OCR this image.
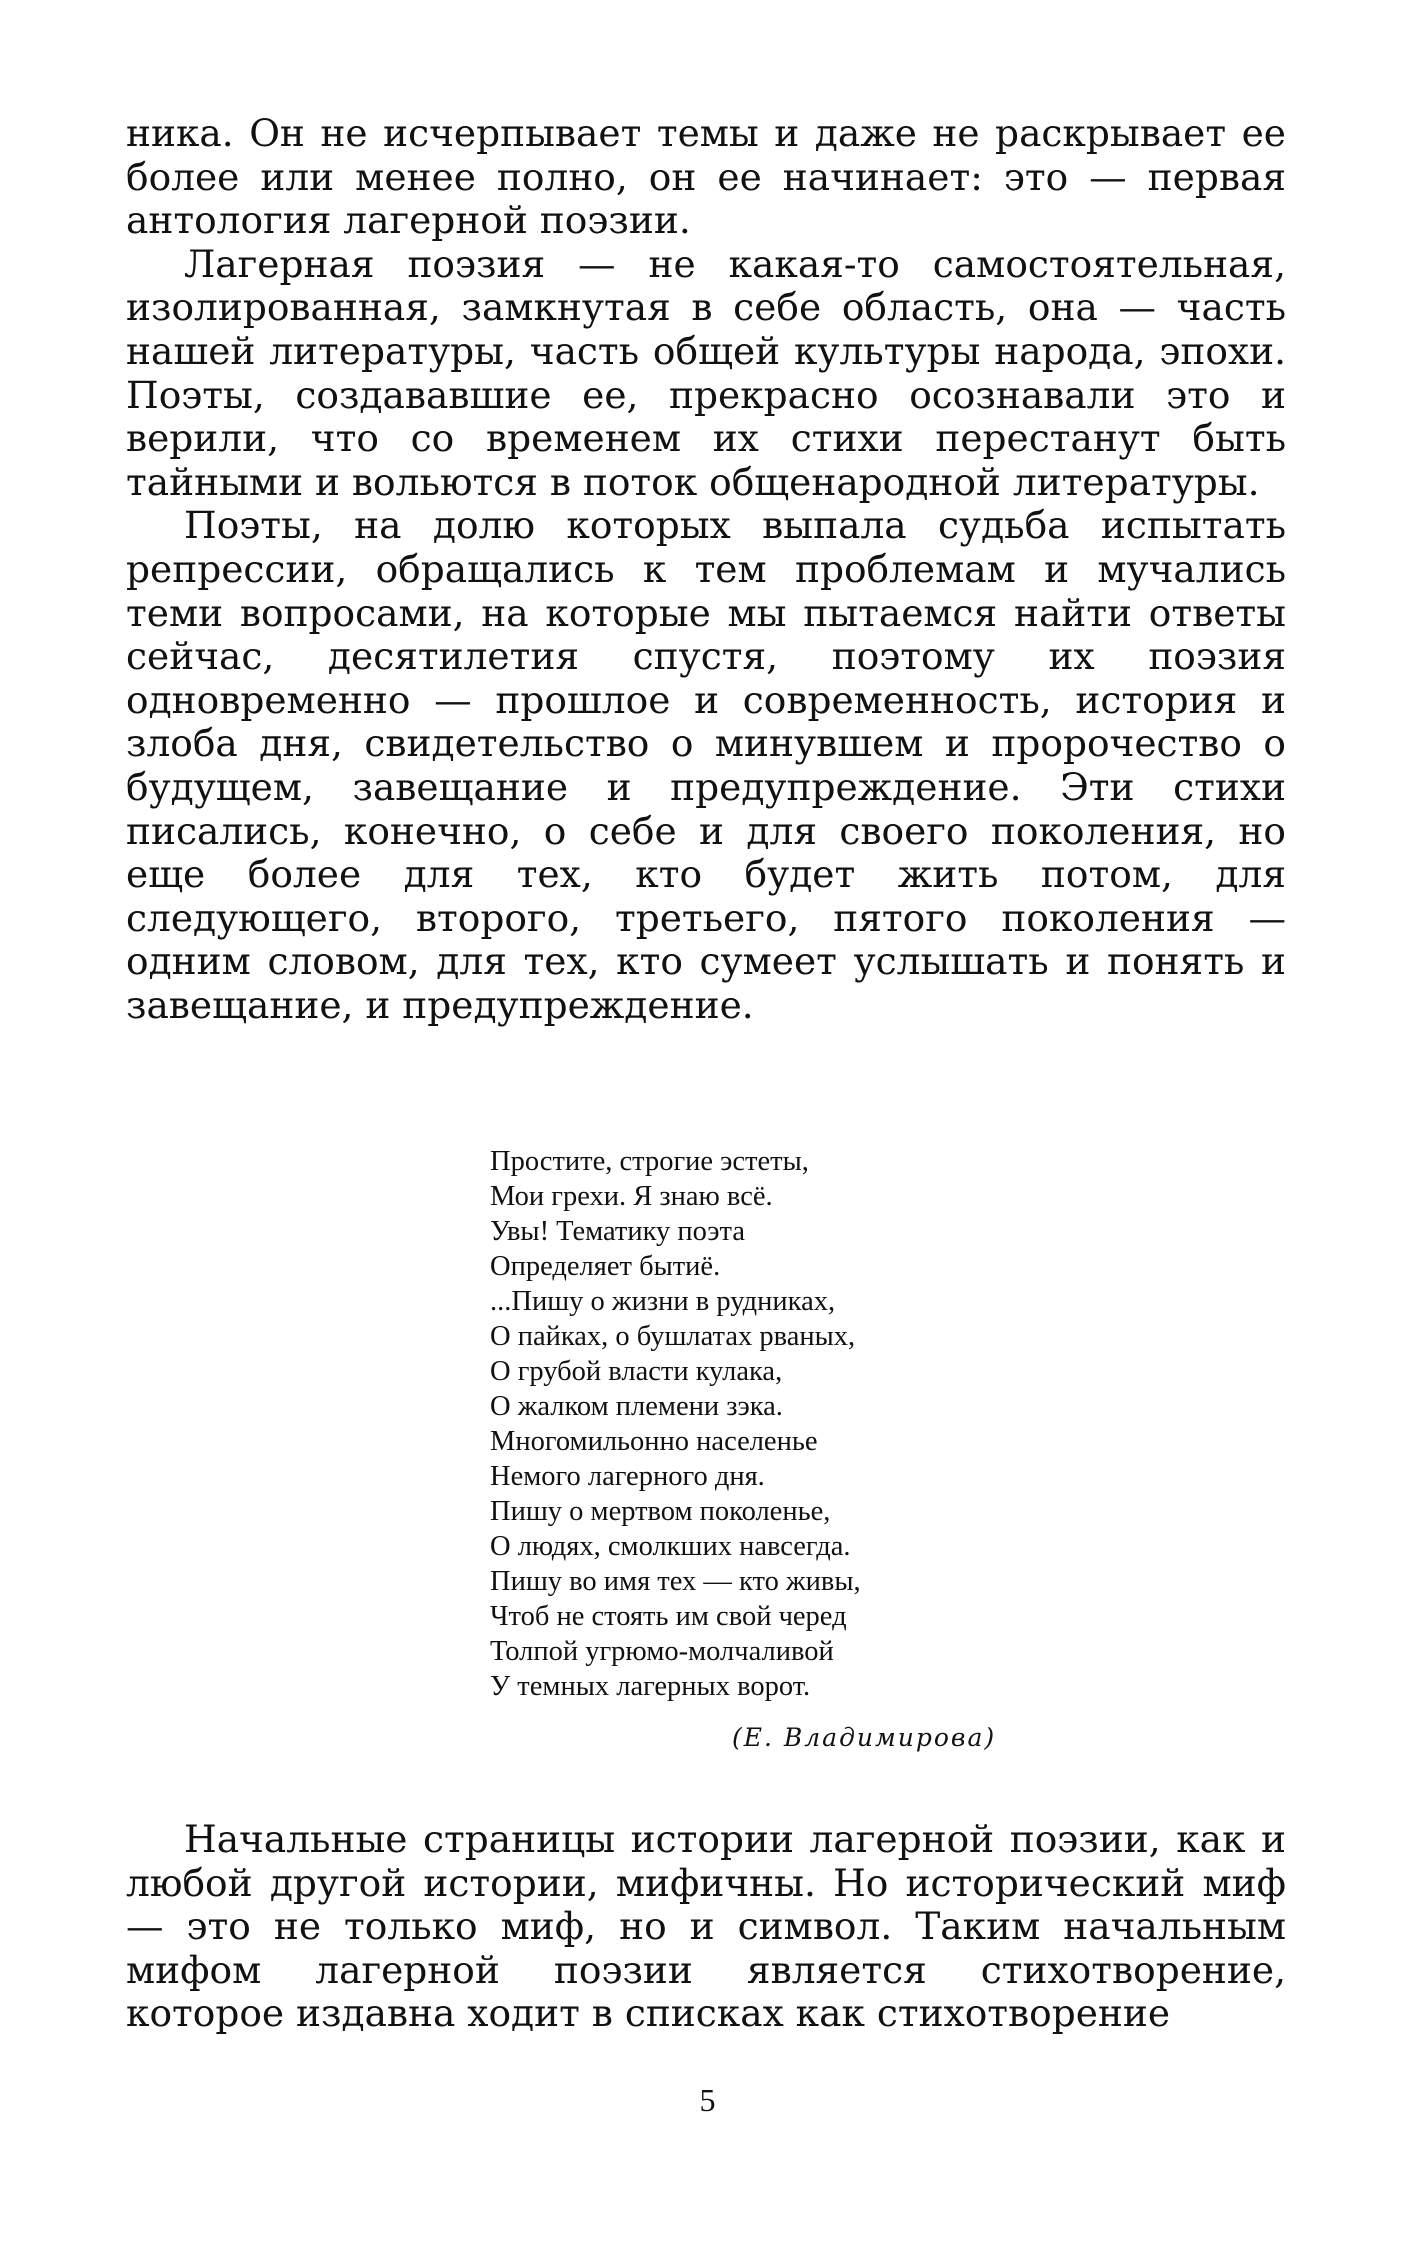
ника. Он не исчерпывает темы и даже не раскрывает ее более или менее полно, он ее начинает: это — первая антология лагерной поэзии.

Лагерная поэзия — не какая-то самостоятельная, изолированная, замкнутая в себе область, она — часть нашей литературы, часть общей культуры народа, эпохи. Поэты, создававшие ее, прекрасно осознавали это и верили, что со временем их стихи перестанут быть тайными и вольются в поток общенародной литературы.

Поэты, на долю которых выпала судьба испытать репрессии, обращались к тем проблемам и мучались теми вопросами, на которые мы пытаемся найти ответы сейчас, десятилетия спустя, поэтому их поэзия одновременно — прошлое и современность, история и злоба дня, свидетельство о минувшем и пророчество о будущем, завещание и предупреждение. Эти стихи писались, конечно, о себе и для своего поколения, но еще более для тех, кто будет жить потом, для следующего, второго, третьего, пятого поколения — одним словом, для тех, кто сумеет услышать и понять и завещание, и предупреждение.

Простите, строгие эстеты,
Мои грехи. Я знаю всё.
Увы! Тематику поэта
Определяет бытиё.
...Пишу о жизни в рудниках,
О пайках, о бушлатах рваных,
О грубой власти кулака,
О жалком племени зэка.
Многомильонно населенье
Немого лагерного дня.
Пишу о мертвом поколенье,
О людях, смолкших навсегда.
Пишу во имя тех — кто живы,
Чтоб не стоять им свой черед
Толпой угрюмо-молчаливой
У темных лагерных ворот.
(Е. Владимирова)

Начальные страницы истории лагерной поэзии, как и любой другой истории, мифичны. Но исторический миф — это не только миф, но и символ. Таким начальным мифом лагерной поэзии является стихотворение, которое издавна ходит в списках как стихотворение

5
